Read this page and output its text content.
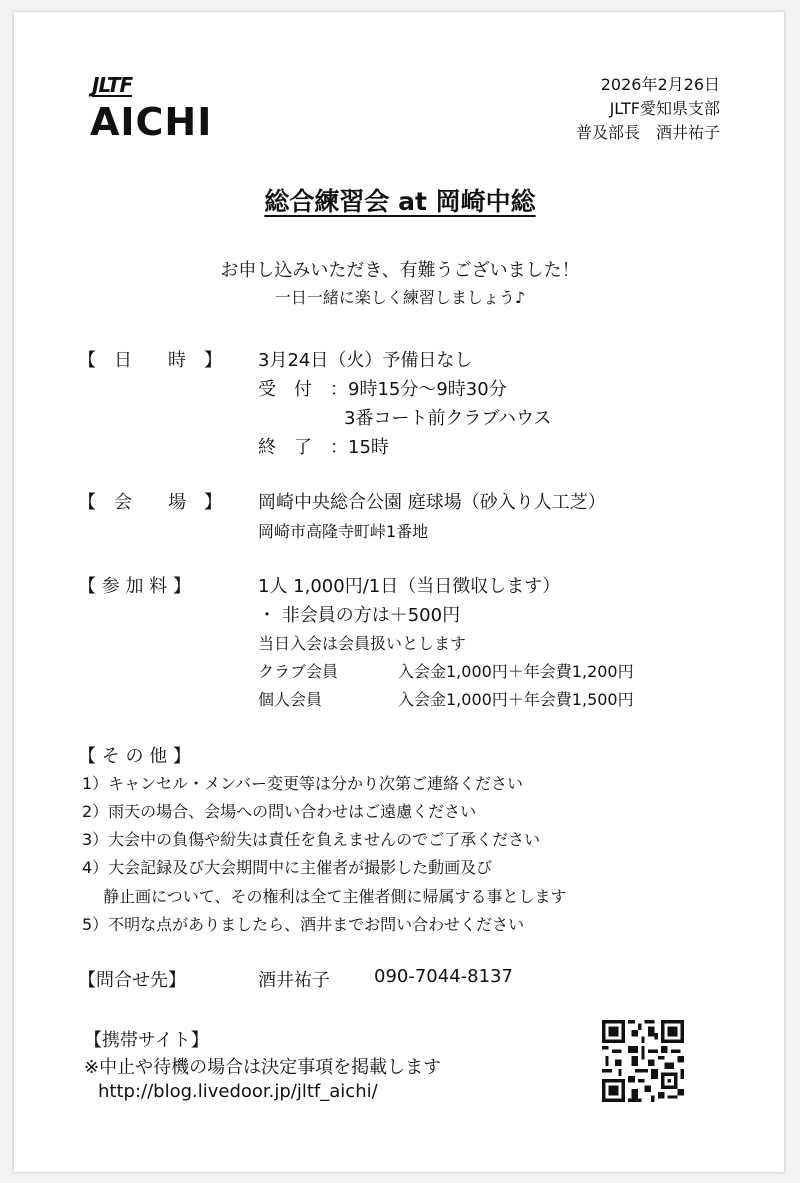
JLTF
AICHI
2026年2月26日
JLTF愛知県支部
普及部長　酒井祐子
総合練習会 at 岡崎中総
お申し込みいただき、有難うございました！
一日一緒に楽しく練習しましょう♪
【　日　　時　】 3月24日（火）予備日なし
受　付　：9時15分～9時30分
3番コート前クラブハウス
終　了　：15時
【　会　　場　】 岡崎中央総合公園 庭球場（砂入り人工芝）
岡崎市高隆寺町峠1番地
【 参 加 料 】	1人 1,000円/1日（当日徴収します）
・ 非会員の方は＋500円
当日入会は会員扱いとします
クラブ会員	入会金1,000円＋年会費1,200円
個人会員	入会金1,000円＋年会費1,500円
【 そ の 他 】
1）キャンセル・メンバー変更等は分かり次第ご連絡ください
2）雨天の場合、会場への問い合わせはご遠慮ください
3）大会中の負傷や紛失は責任を負えませんのでご了承ください
4）大会記録及び大会期間中に主催者が撮影した動画及び
　 静止画について、その権利は全て主催者側に帰属する事とします
5）不明な点がありましたら、酒井までお問い合わせください
【問合せ先】	酒井祐子 090-7044-8137
【携帯サイト】
※中止や待機の場合は決定事項を掲載します
http://blog.livedoor.jp/jltf_aichi/
